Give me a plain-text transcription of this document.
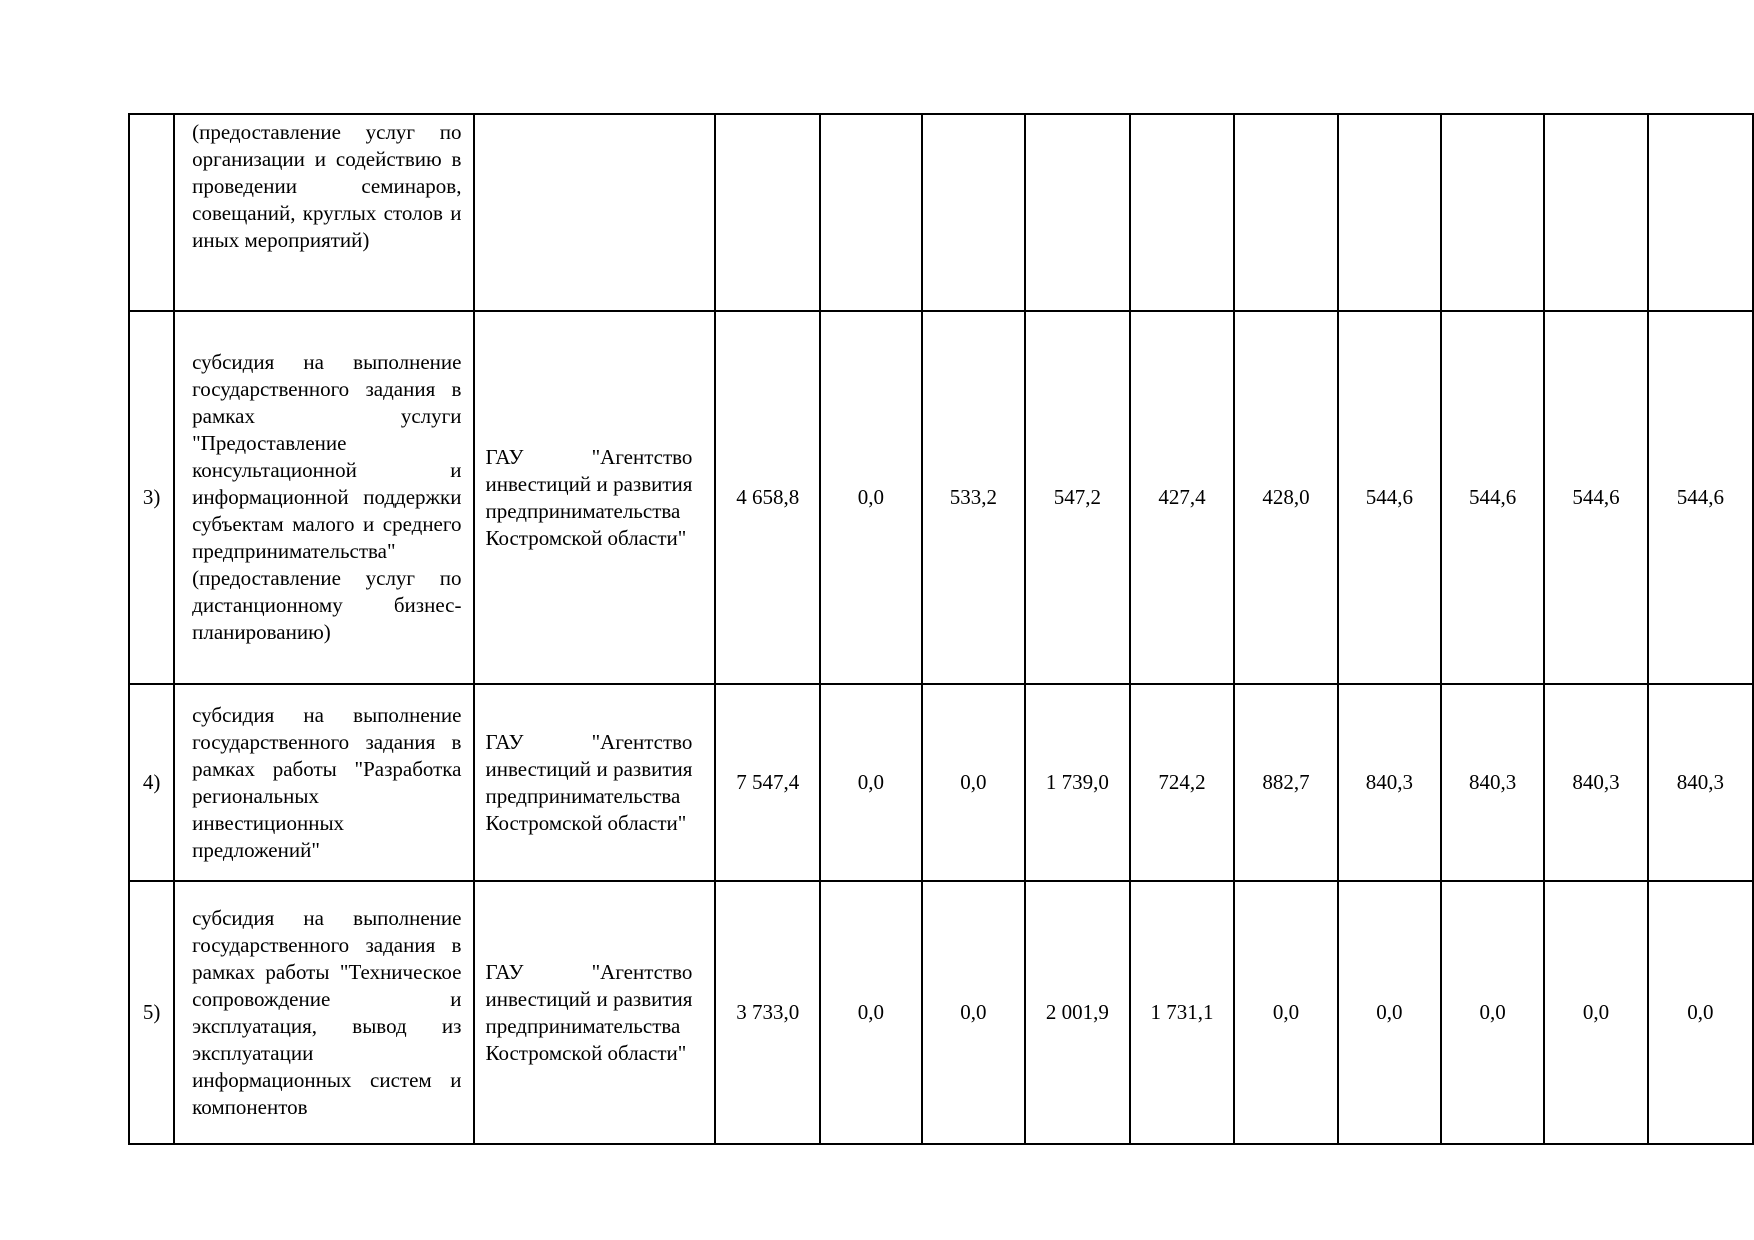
	(предоставление услуг по организации и содействию в проведении семинаров, совещаний, круглых столов и иных мероприятий)											
3)	субсидия на выполнение государственного задания в рамках услуги "Предоставление консультационной и информационной поддержки субъектам малого и среднего предпринимательства" (предоставление услуг по дистанционному бизнес-планированию)	ГАУ "Агентство инвестиций и развития предпринимательства Костромской области"	4 658,8	0,0	533,2	547,2	427,4	428,0	544,6	544,6	544,6	544,6
4)	субсидия на выполнение государственного задания в рамках работы "Разработка региональных инвестиционных предложений"	ГАУ "Агентство инвестиций и развития предпринимательства Костромской области"	7 547,4	0,0	0,0	1 739,0	724,2	882,7	840,3	840,3	840,3	840,3
5)	субсидия на выполнение государственного задания в рамках работы "Техническое сопровождение и эксплуатация, вывод из эксплуатации информационных систем и компонентов	ГАУ "Агентство инвестиций и развития предпринимательства Костромской области"	3 733,0	0,0	0,0	2 001,9	1 731,1	0,0	0,0	0,0	0,0	0,0
